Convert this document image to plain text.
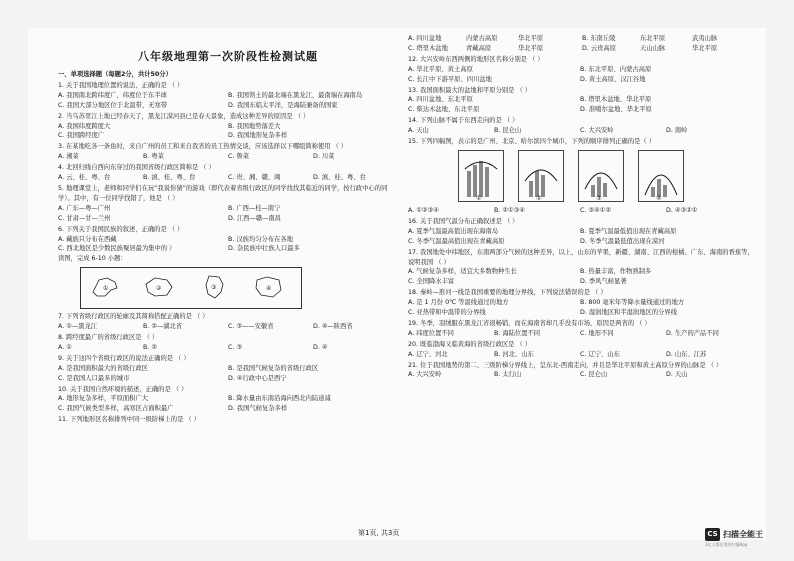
八年级地理第一次阶段性检测试题
一、单项选择题（每题2分，共计50分）
1. 关于我国地理位置的说法，正确的是 （ ）
A. 我国南北跨纬度广，纬度位于东半球	B. 我国领土的最北端在黑龙江，最南端在海南岛
C. 我国大部分地区位于北温带，无寒带	D. 我国东临太平洋，是海陆兼备的国家
2. 当乌苏里江上地已经春天了，黑龙江漠河县已是春天景象，造成这种差异的原因是 （ ）
A. 我国纬度跨度大	B. 我国地势落差大
C. 我国跨经度广	D. 我国地形复杂多样
3. 在某地吃各一条鱼时，来自广州的员工和来自我省的员工热情交谈，应该选择以下哪组简称使用 （ ）
A. 湘菜	B. 粤菜	C. 鲁菜	D. 川菜
4. 北回归线自西向东穿过的我国省级行政区简称是 （ ）
A. 云、桂、粤、台	B. 滇、桂、粤、台	C. 贵、湘、赣、闽	D. 滇、桂、粤、台
5. 地理课堂上，老师和同学们在玩“我说你猜”的游戏（即代表着省级行政区的同学找找其临近的同学，按行政中心的同学）。其中，有一位同学找错了，他是 （ ）
A. 广东—粤—广州	B. 广西—桂—南宁
C. 甘肃—甘—兰州	D. 江西—赣—南昌
6. 下列关于我国民族的叙述，正确的是 （ ）
A. 藏族只分布在西藏	B. 汉族均匀分布在各地
C. 西北地区是少数民族聚居最为集中的 ）	D. 杂民族中壮族人口最多
读图，完成 6-10 小题：
①	②	③	④
7. 下列省级行政区的轮廓及其简称搭配正确的是 （ ）
A. ①—黑龙江	B. ②—湖北省	C. ③——安徽省	D. ④—陕西省
8. 跨经度最广的省级行政区是 （ ）
A. ①	B. ②	C. ③	D. ④
9. 关于这四个省级行政区的说法正确的是 （ ）
A. 是我国面积最大的省级行政区	B. 是我国气候复杂的省级行政区
C. 是我国人口最多的城市	D. ④行政中心是西宁
10. 关于我国自然环境的描述，正确的是 （ ）
A. 地形复杂多样，平原面积广大	B. 降水量由东南沿海向西北内陆递减
C. 我国气候类型多样，高寒区占面积最广	D. 我国气候复杂多样
11. 下列地形区名称排列中同一级阶梯上的是 （ ）
A. 四川盆地	内蒙古高原	华北平原	B. 东南丘陵	东北平原	武夷山脉
C. 塔里木盆地	青藏高原	华北平原	D. 云贵高原	天山山脉	华北平原
12. 大兴安岭东西两侧的地形区名称分别是 （ ）
A. 华北平原、黄土高原	B. 东北平原、内蒙古高原
C. 长江中下游平原、四川盆地	D. 黄土高原、汉江谷地
13. 我国面积最大的盆地和平原分别是 （ ）
A. 四川盆地、东北平原	B. 塔里木盆地、华北平原
C. 柴达木盆地、东北平原	D. 准噶尔盆地、华北平原
14. 下列山脉不属于东西走向的是 （ ）
A. 天山	B. 昆仑山	C. 大兴安岭	D. 南岭
15. 下列四幅图，表示的是广州、北京、哈尔滨四个城市，下列的顺序排列正确的是（ ）
①	②	③	④
A. ①②③④	B. ②①③④	C. ③④①②	D. ④③②①
16. 关于我国气温分布正确叙述是 （ ）
A. 夏季气温最高值出现在海南岛	B. 夏季气温最低值出现在青藏高原
C. 冬季气温最高值出现在青藏高原	D. 冬季气温最低值出现在漠河
17. 我国地处中纬地区，东南两部分气候的这种差异，以上，山东的苹果，新疆、湖南、江西的柑橘、广东、海南的香蕉等，说明我国 （ ）
A. 气候复杂多样，适宜大多数物种生长	B. 热量丰富，作物熟制多
C. 全国降水丰富	D. 季风气候显著
18. 秦岭—淮河一线是我国重要的地理分界线，下列说法错误的是 （ ）
A. 是 1 月份 0℃ 等温线通过的地方	B. 800 毫米年等降水量线通过的地方
C. 亚热带和中温带的分界线	D. 湿润地区和半湿润地区的分界线
19. 冬季，羽绒服在黑龙江省很畅销，而在海南省却几乎没有市场，原因是两省的 （ ）
A. 纬度位置不同	B. 海陆位置不同	C. 地形不同	D. 生产的产品不同
20. 既临渤海又临黄海的省级行政区是 （ ）
A. 辽宁、河北	B. 河北、山东	C. 辽宁、山东	D. 山东、江苏
21. 位于我国地势的第二、三级阶梯分界线上，呈东北-西南走向，并且是华北平原和黄土高原分界的山脉是 （ ）
A. 大兴安岭	B. 太行山	C. 昆仑山	D. 天山
第1页, 共3页	CS 扫描全能王
3亿人都在用的扫描App
